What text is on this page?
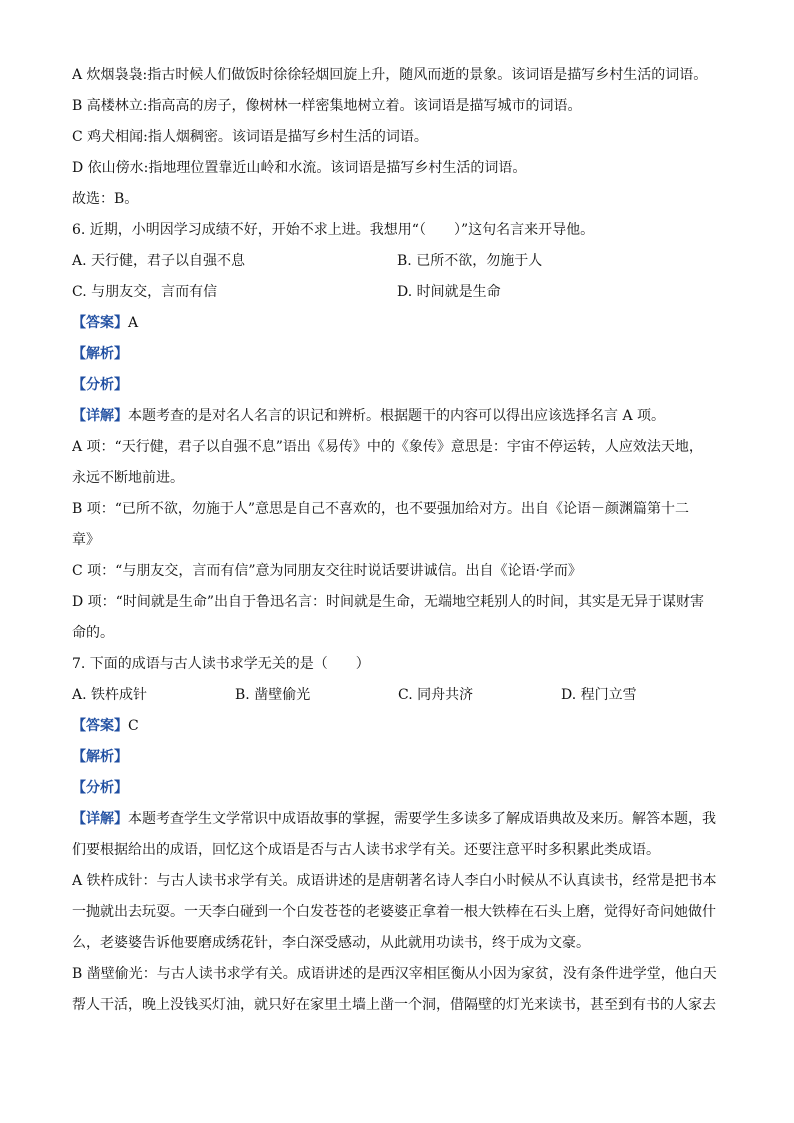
A 炊烟袅袅:指古时候人们做饭时徐徐轻烟回旋上升，随风而逝的景象。该词语是描写乡村生活的词语。
B 高楼林立:指高高的房子，像树林一样密集地树立着。该词语是描写城市的词语。
C 鸡犬相闻:指人烟稠密。该词语是描写乡村生活的词语。
D 依山傍水:指地理位置靠近山岭和水流。该词语是描写乡村生活的词语。
故选：B。
6. 近期，小明因学习成绩不好，开始不求上进。我想用“（　　）”这句名言来开导他。
A. 天行健，君子以自强不息	B. 已所不欲，勿施于人
C. 与朋友交，言而有信	D. 时间就是生命
【答案】A
【解析】
【分析】
【详解】本题考查的是对名人名言的识记和辨析。根据题干的内容可以得出应该选择名言 A 项。
A 项：“天行健，君子以自强不息”语出《易传》中的《象传》意思是：宇宙不停运转，人应效法天地，
永远不断地前进。
B 项：“已所不欲，勿施于人”意思是自己不喜欢的，也不要强加给对方。出自《论语－颜渊篇第十二
章》
C 项：“与朋友交，言而有信”意为同朋友交往时说话要讲诚信。出自《论语·学而》
D 项：“时间就是生命”出自于鲁迅名言：时间就是生命，无端地空耗别人的时间，其实是无异于谋财害
命的。
7. 下面的成语与古人读书求学无关的是（　　）
A. 铁杵成针	B. 凿壁偷光	C. 同舟共济	D. 程门立雪
【答案】C
【解析】
【分析】
【详解】本题考查学生文学常识中成语故事的掌握，需要学生多读多了解成语典故及来历。解答本题，我
们要根据给出的成语，回忆这个成语是否与古人读书求学有关。还要注意平时多积累此类成语。
A 铁杵成针：与古人读书求学有关。成语讲述的是唐朝著名诗人李白小时候从不认真读书，经常是把书本
一抛就出去玩耍。一天李白碰到一个白发苍苍的老婆婆正拿着一根大铁棒在石头上磨，觉得好奇问她做什
么，老婆婆告诉他要磨成绣花针，李白深受感动，从此就用功读书，终于成为文豪。
B 凿壁偷光：与古人读书求学有关。成语讲述的是西汉宰相匡衡从小因为家贫，没有条件进学堂，他白天
帮人干活，晚上没钱买灯油，就只好在家里土墙上凿一个洞，借隔壁的灯光来读书，甚至到有书的人家去
